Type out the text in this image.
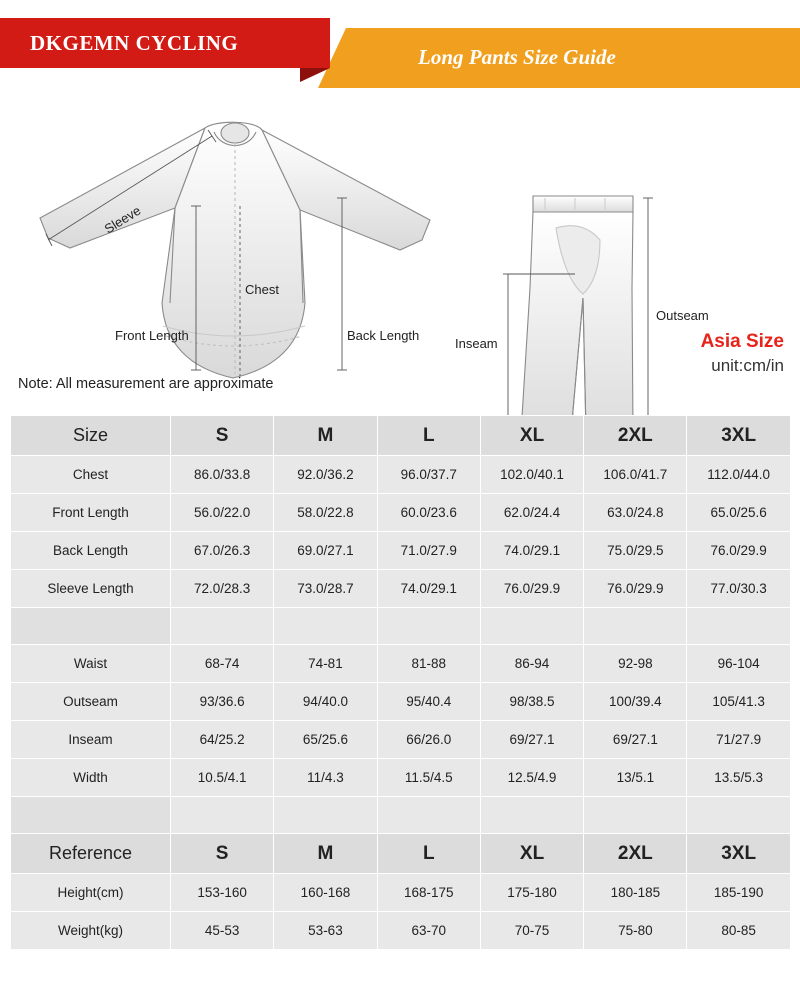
Long Pants Size Guide
DKGEMN CYCLING
Sleeve
Chest
Front Length	Back Length
Outseam
Inseam	Asia Size
unit:cm/in
Note: All measurement are approximate
Size	S	M	L	XL	2XL	3XL
Chest	86.0/33.8	92.0/36.2	96.0/37.7	102.0/40.1	106.0/41.7	112.0/44.0
Front Length	56.0/22.0	58.0/22.8	60.0/23.6	62.0/24.4	63.0/24.8	65.0/25.6
Back Length	67.0/26.3	69.0/27.1	71.0/27.9	74.0/29.1	75.0/29.5	76.0/29.9
Sleeve Length	72.0/28.3	73.0/28.7	74.0/29.1	76.0/29.9	76.0/29.9	77.0/30.3

Waist	68-74	74-81	81-88	86-94	92-98	96-104
Outseam	93/36.6	94/40.0	95/40.4	98/38.5	100/39.4	105/41.3
Inseam	64/25.2	65/25.6	66/26.0	69/27.1	69/27.1	71/27.9
Width	10.5/4.1	11/4.3	11.5/4.5	12.5/4.9	13/5.1	13.5/5.3

Reference	S	M	L	XL	2XL	3XL
Height(cm)	153-160	160-168	168-175	175-180	180-185	185-190
Weight(kg)	45-53	53-63	63-70	70-75	75-80	80-85
